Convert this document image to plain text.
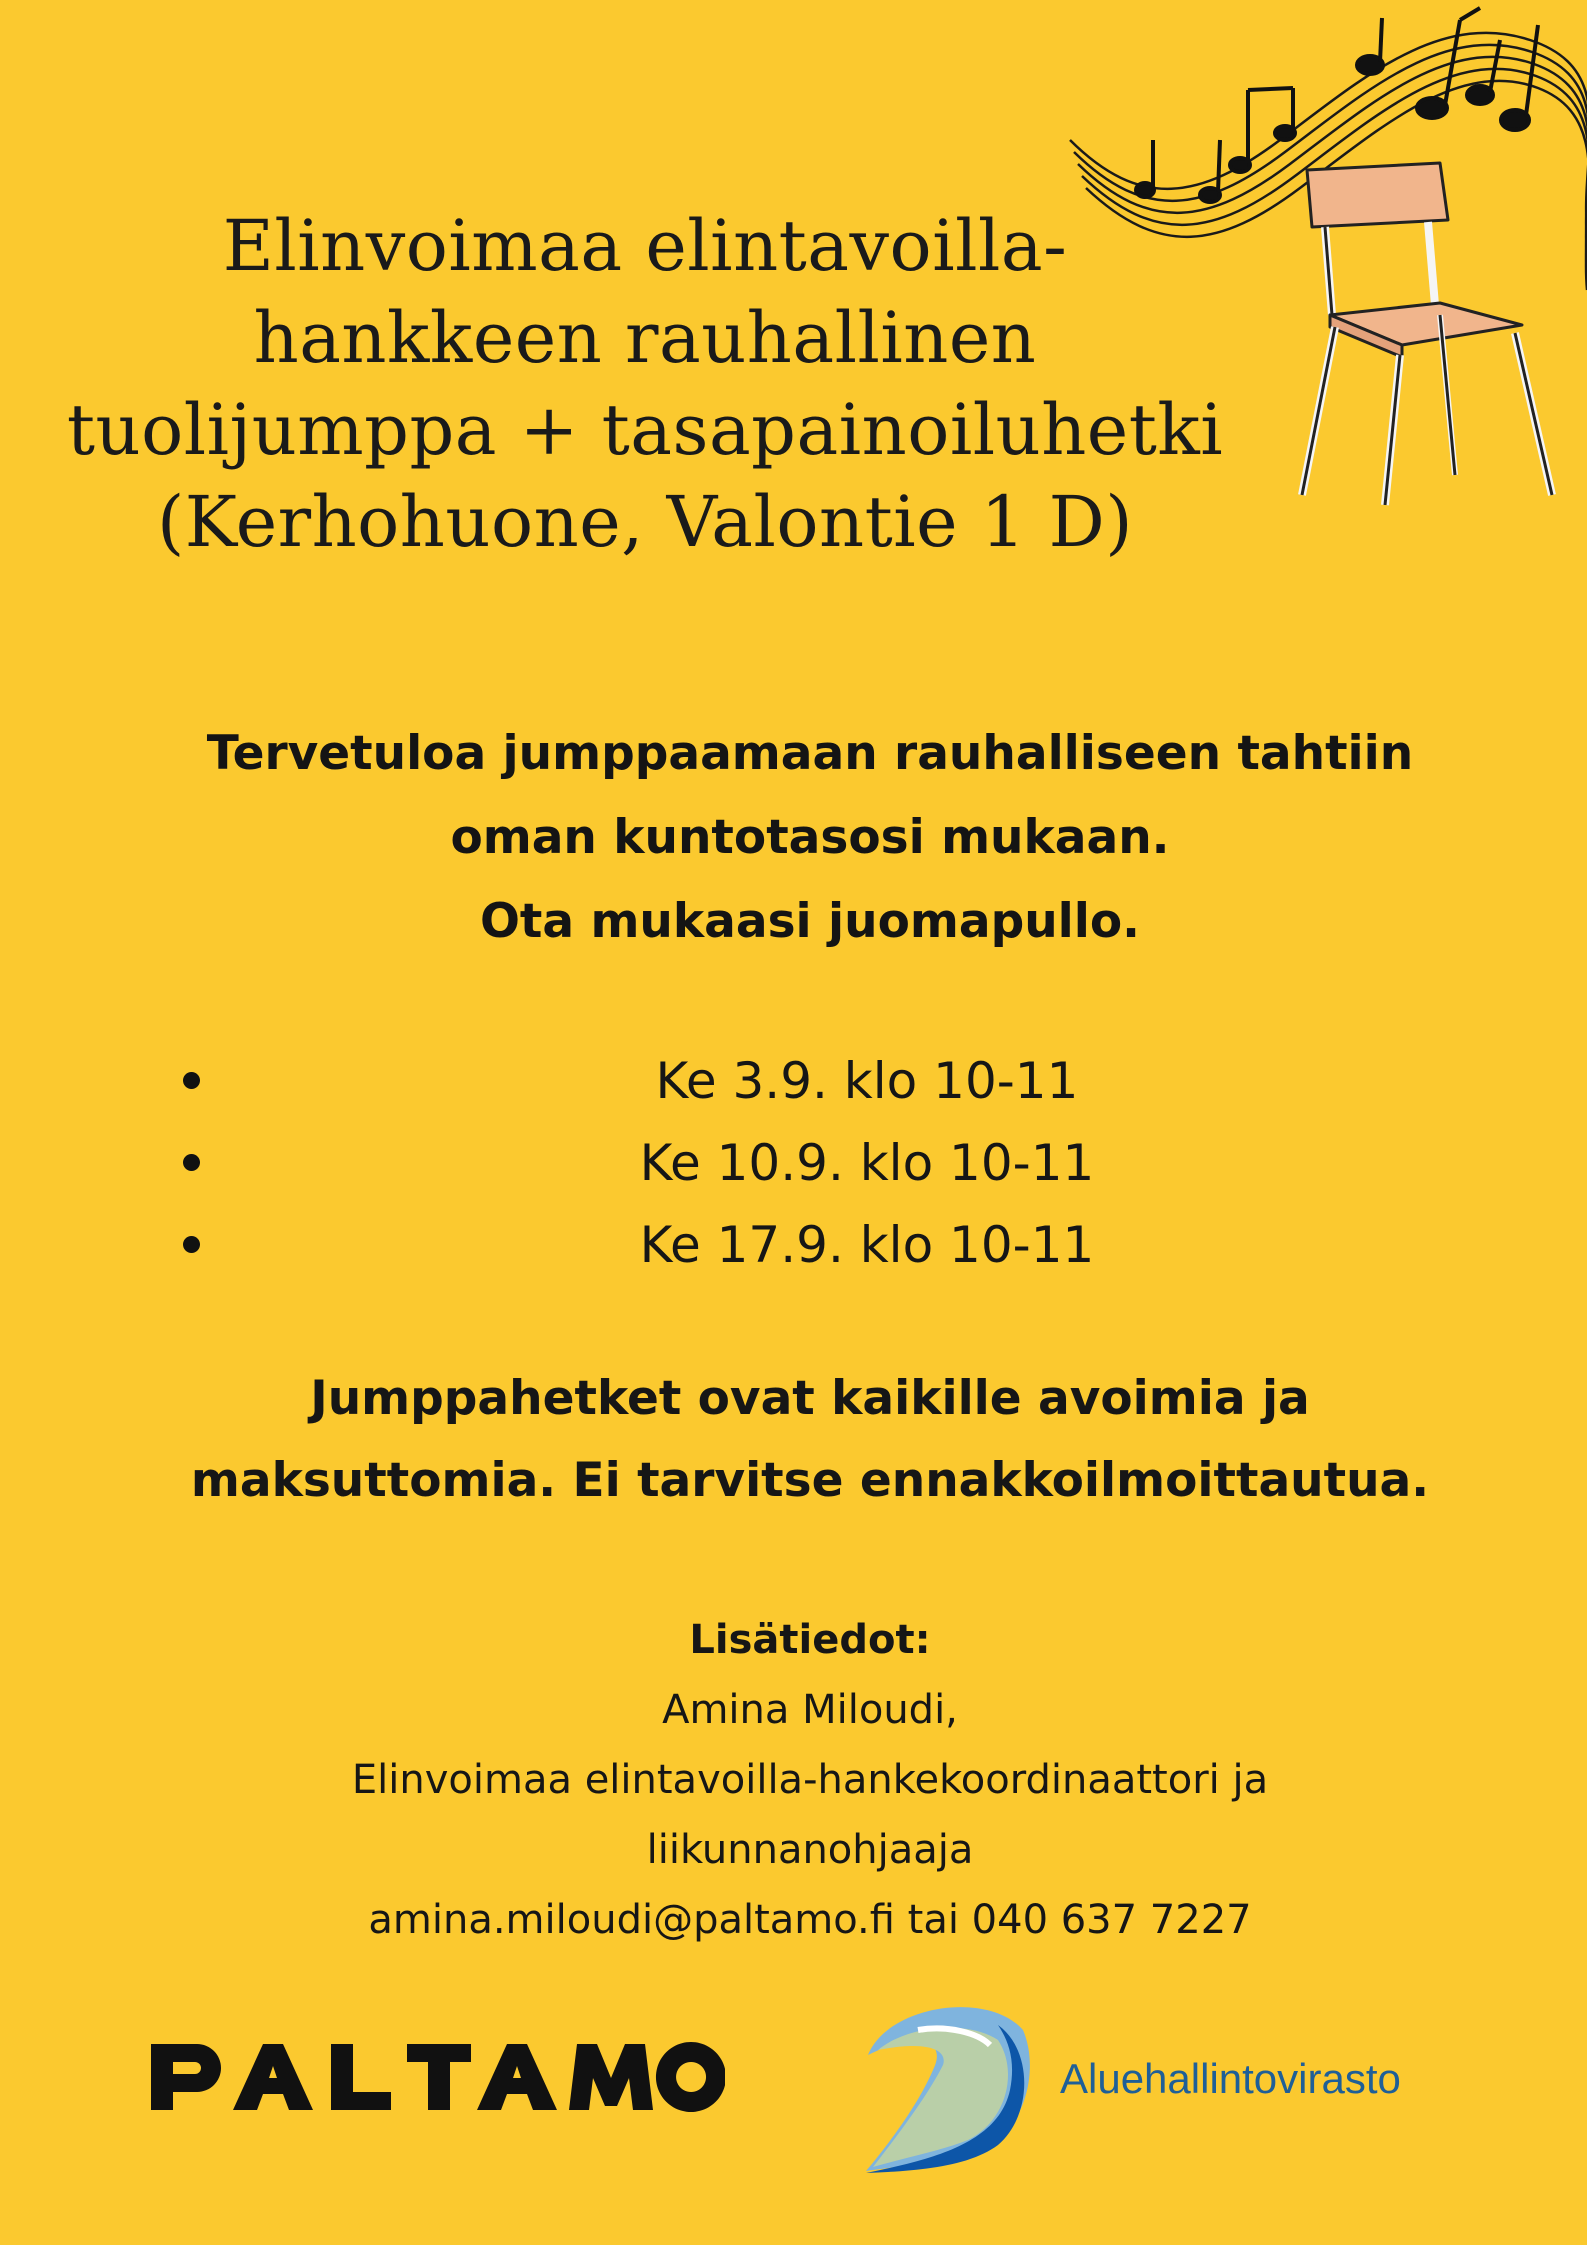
Elinvoimaa elintavoilla-
hankkeen rauhallinen
tuolijumppa + tasapainoiluhetki
(Kerhohuone, Valontie 1 D)
Tervetuloa jumppaamaan rauhalliseen tahtiin
oman kuntotasosi mukaan.
Ota mukaasi juomapullo.
Ke 3.9. klo 10-11
Ke 10.9. klo 10-11
Ke 17.9. klo 10-11
Jumppahetket ovat kaikille avoimia ja
maksuttomia. Ei tarvitse ennakkoilmoittautua.
Lisätiedot:
Amina Miloudi,
Elinvoimaa elintavoilla-hankekoordinaattori ja
liikunnanohjaaja
amina.miloudi@paltamo.fi tai 040 637 7227
Aluehallintovirasto
